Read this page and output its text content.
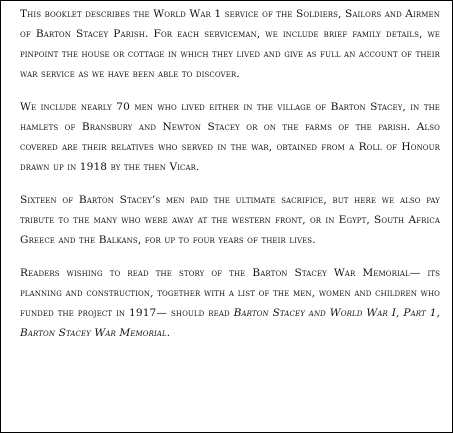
This booklet describes the World War 1 service of the Soldiers, Sailors and Airmen of Barton Stacey Parish. For each serviceman, we include brief family details, we pinpoint the house or cottage in which they lived and give as full an account of their war service as we have been able to discover.

We include nearly 70 men who lived either in the village of Barton Stacey, in the hamlets of Bransbury and Newton Stacey or on the farms of the parish. Also covered are their relatives who served in the war, obtained from a Roll of Honour drawn up in 1918 by the then Vicar.

Sixteen of Barton Stacey’s men paid the ultimate sacrifice, but here we also pay tribute to the many who were away at the western front, or in Egypt, South Africa Greece and the Balkans, for up to four years of their lives.

Readers wishing to read the story of the Barton Stacey War Memorial— its planning and construction, together with a list of the men, women and children who funded the project in 1917— should read Barton Stacey and World War I, Part 1, Barton Stacey War Memorial.
